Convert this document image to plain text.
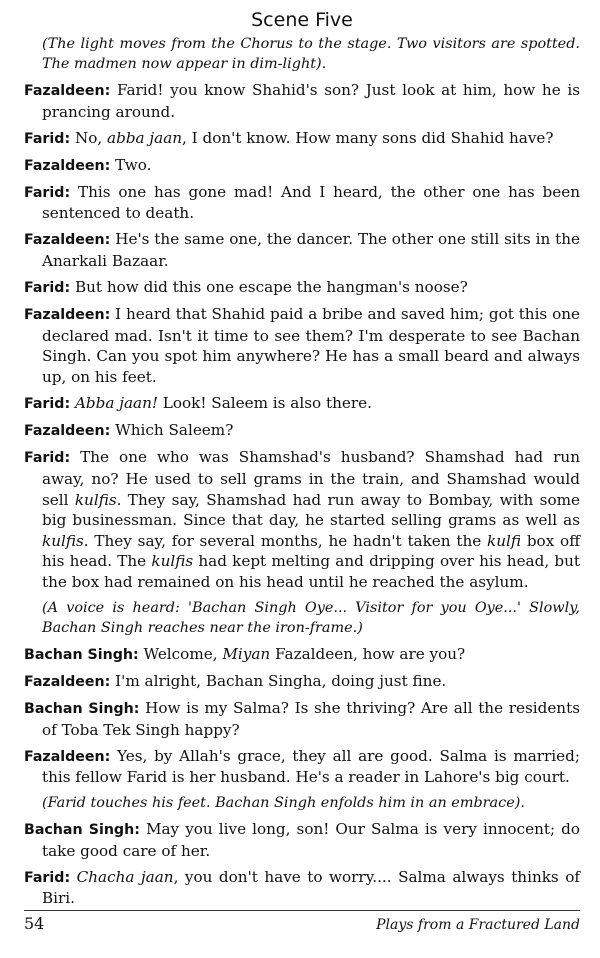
Scene Five
(The light moves from the Chorus to the stage. Two visitors are spotted. The madmen now appear in dim-light).
Fazaldeen: Farid! you know Shahid's son? Just look at him, how he is prancing around.
Farid: No, abba jaan, I don't know. How many sons did Shahid have?
Fazaldeen: Two.
Farid: This one has gone mad! And I heard, the other one has been sentenced to death.
Fazaldeen: He's the same one, the dancer. The other one still sits in the Anarkali Bazaar.
Farid: But how did this one escape the hangman's noose?
Fazaldeen: I heard that Shahid paid a bribe and saved him; got this one declared mad. Isn't it time to see them? I'm desperate to see Bachan Singh. Can you spot him anywhere? He has a small beard and always up, on his feet.
Farid: Abba jaan! Look! Saleem is also there.
Fazaldeen: Which Saleem?
Farid: The one who was Shamshad's husband? Shamshad had run away, no? He used to sell grams in the train, and Shamshad would sell kulfis. They say, Shamshad had run away to Bombay, with some big businessman. Since that day, he started selling grams as well as kulfis. They say, for several months, he hadn't taken the kulfi box off his head. The kulfis had kept melting and dripping over his head, but the box had remained on his head until he reached the asylum.
(A voice is heard: 'Bachan Singh Oye... Visitor for you Oye...' Slowly, Bachan Singh reaches near the iron-frame.)
Bachan Singh: Welcome, Miyan Fazaldeen, how are you?
Fazaldeen: I'm alright, Bachan Singha, doing just fine.
Bachan Singh: How is my Salma? Is she thriving? Are all the residents of Toba Tek Singh happy?
Fazaldeen: Yes, by Allah's grace, they all are good. Salma is married; this fellow Farid is her husband. He's a reader in Lahore's big court.
(Farid touches his feet. Bachan Singh enfolds him in an embrace).
Bachan Singh: May you live long, son! Our Salma is very innocent; do take good care of her.
Farid: Chacha jaan, you don't have to worry.... Salma always thinks of Biri.
54	Plays from a Fractured Land
